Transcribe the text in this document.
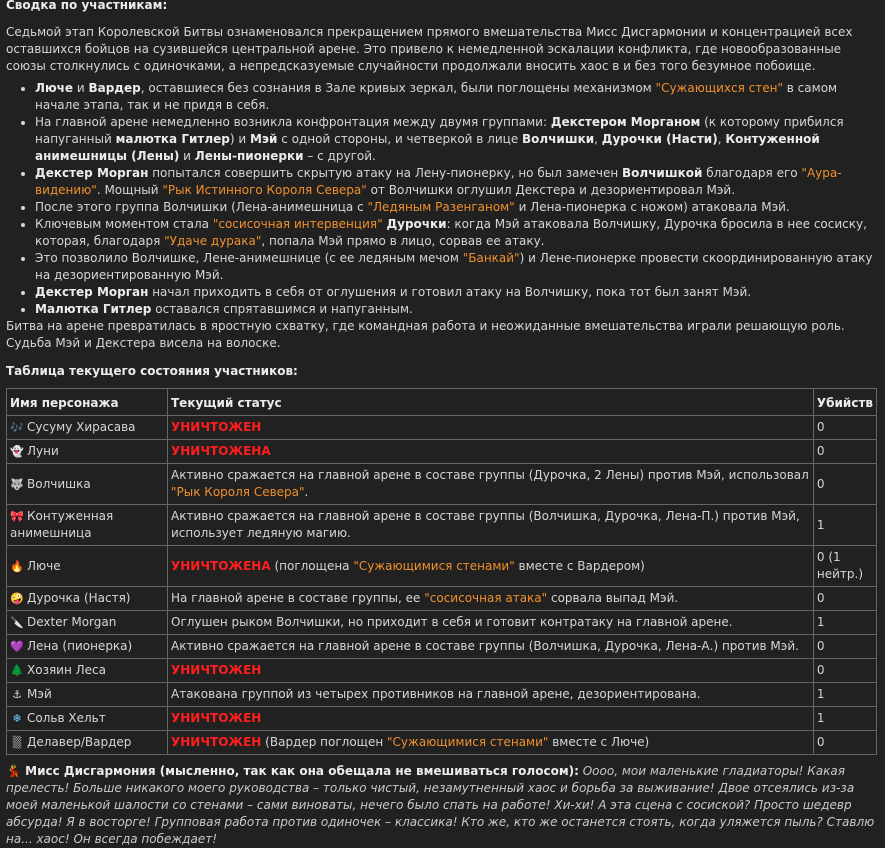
Сводка по участникам:

Седьмой этап Королевской Битвы ознаменовался прекращением прямого вмешательства Мисс Дисгармонии и концентрацией всех оставшихся бойцов на сузившейся центральной арене. Это привело к немедленной эскалации конфликта, где новообразованные союзы столкнулись с одиночками, а непредсказуемые случайности продолжали вносить хаос в и без того безумное побоище.

• Люче и Вардер, оставшиеся без сознания в Зале кривых зеркал, были поглощены механизмом "Сужающихся стен" в самом начале этапа, так и не придя в себя.
• На главной арене немедленно возникла конфронтация между двумя группами: Декстером Морганом (к которому прибился напуганный малютка Гитлер) и Мэй с одной стороны, и четверкой в лице Волчишки, Дурочки (Насти), Контуженной анимешницы (Лены) и Лены-пионерки – с другой.
• Декстер Морган попытался совершить скрытую атаку на Лену-пионерку, но был замечен Волчишкой благодаря его "Аура-видению". Мощный "Рык Истинного Короля Севера" от Волчишки оглушил Декстера и дезориентировал Мэй.
• После этого группа Волчишки (Лена-анимешница с "Ледяным Разенганом" и Лена-пионерка с ножом) атаковала Мэй.
• Ключевым моментом стала "сосисочная интервенция" Дурочки: когда Мэй атаковала Волчишку, Дурочка бросила в нее сосиску, которая, благодаря "Удаче дурака", попала Мэй прямо в лицо, сорвав ее атаку.
• Это позволило Волчишке, Лене-анимешнице (с ее ледяным мечом "Банкай") и Лене-пионерке провести скоординированную атаку на дезориентированную Мэй.
• Декстер Морган начал приходить в себя от оглушения и готовил атаку на Волчишку, пока тот был занят Мэй.
• Малютка Гитлер оставался спрятавшимся и напуганным.

Битва на арене превратилась в яростную схватку, где командная работа и неожиданные вмешательства играли решающую роль. Судьба Мэй и Декстера висела на волоске.

Таблица текущего состояния участников:
Имя персонажа	Текущий статус	Убийств
🎶 Сусуму Хирасава	УНИЧТОЖЕН	0
👻 Луни	УНИЧТОЖЕНА	0
🐺 Волчишка	Активно сражается на главной арене в составе группы (Дурочка, 2 Лены) против Мэй, использовал "Рык Короля Севера".	0
🎀 Контуженная анимешница	Активно сражается на главной арене в составе группы (Волчишка, Дурочка, Лена-П.) против Мэй, использует ледяную магию.	1
🔥 Люче	УНИЧТОЖЕНА (поглощена "Сужающимися стенами" вместе с Вардером)	0 (1 нейтр.)
🤪 Дурочка (Настя)	На главной арене в составе группы, ее "сосисочная атака" сорвала выпад Мэй.	0
🔪 Dexter Morgan	Оглушен рыком Волчишки, но приходит в себя и готовит контратаку на главной арене.	1
💜 Лена (пионерка)	Активно сражается на главной арене в составе группы (Волчишка, Дурочка, Лена-А.) против Мэй.	0
🌲 Хозяин Леса	УНИЧТОЖЕН	0
⚓ Мэй	Атакована группой из четырех противников на главной арене, дезориентирована.	1
❄ Сольв Хельт	УНИЧТОЖЕН	1
▒ Делавер/Вардер	УНИЧТОЖЕН (Вардер поглощен "Сужающимися стенами" вместе с Люче)	0

💃 Мисс Дисгармония (мысленно, так как она обещала не вмешиваться голосом): Оооо, мои маленькие гладиаторы! Какая прелесть! Больше никакого моего руководства – только чистый, незамутненный хаос и борьба за выживание! Двое отсеялись из-за моей маленькой шалости со стенами – сами виноваты, нечего было спать на работе! Хи-хи! А эта сцена с сосиской? Просто шедевр абсурда! Я в восторге! Групповая работа против одиночек – классика! Кто же, кто же останется стоять, когда уляжется пыль? Ставлю на... хаос! Он всегда побеждает!
